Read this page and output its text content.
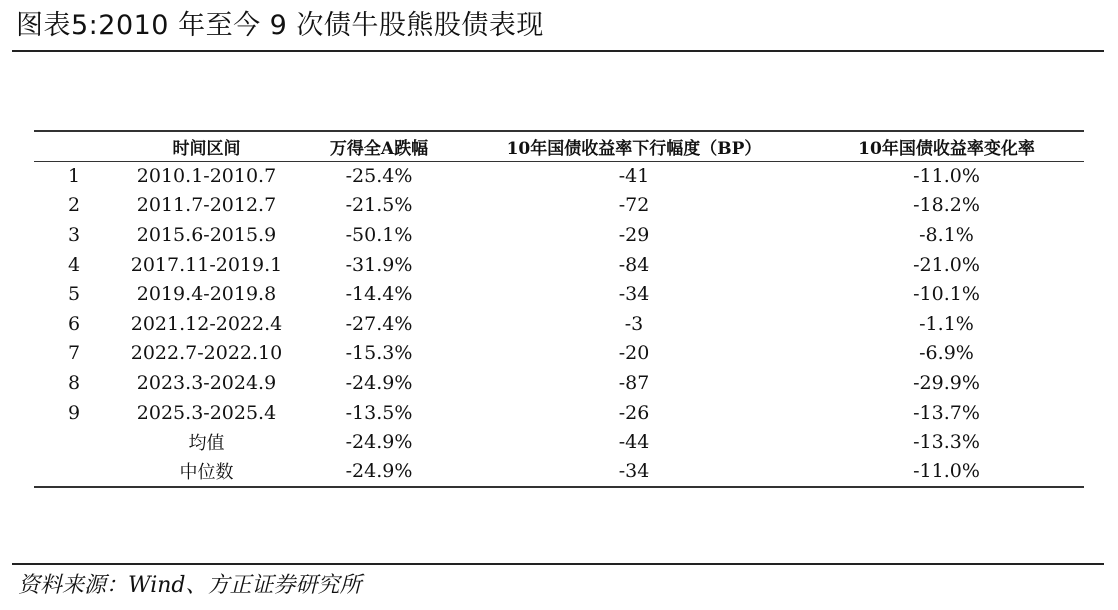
图表5:2010 年至今 9 次债牛股熊股债表现
	时间区间	万得全A跌幅	10年国债收益率下行幅度（BP）	10年国债收益率变化率
1	2010.1-2010.7	-25.4%	-41	-11.0%
2	2011.7-2012.7	-21.5%	-72	-18.2%
3	2015.6-2015.9	-50.1%	-29	-8.1%
4	2017.11-2019.1	-31.9%	-84	-21.0%
5	2019.4-2019.8	-14.4%	-34	-10.1%
6	2021.12-2022.4	-27.4%	-3	-1.1%
7	2022.7-2022.10	-15.3%	-20	-6.9%
8	2023.3-2024.9	-24.9%	-87	-29.9%
9	2025.3-2025.4	-13.5%	-26	-13.7%
	均值	-24.9%	-44	-13.3%
	中位数	-24.9%	-34	-11.0%
资料来源：Wind、方正证券研究所
